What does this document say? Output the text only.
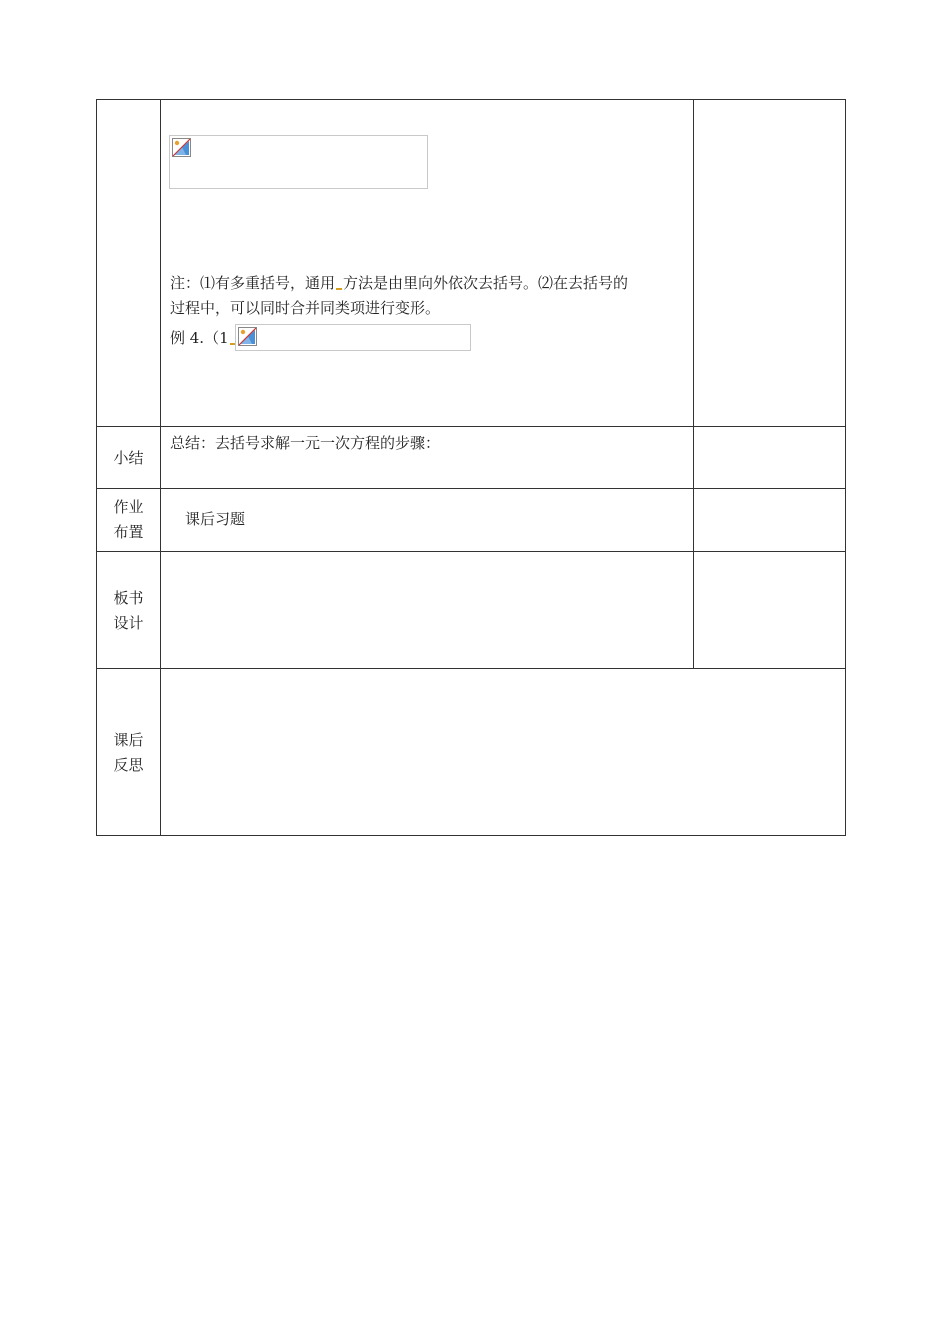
注：⑴有多重括号，通用 方法是由里向外依次去括号。⑵在去括号的
过程中，可以同时合并同类项进行变形。
例 4.（1
小结
总结：去括号求解一元一次方程的步骤：
作业
布置
课后习题
板书
设计
课后
反思
